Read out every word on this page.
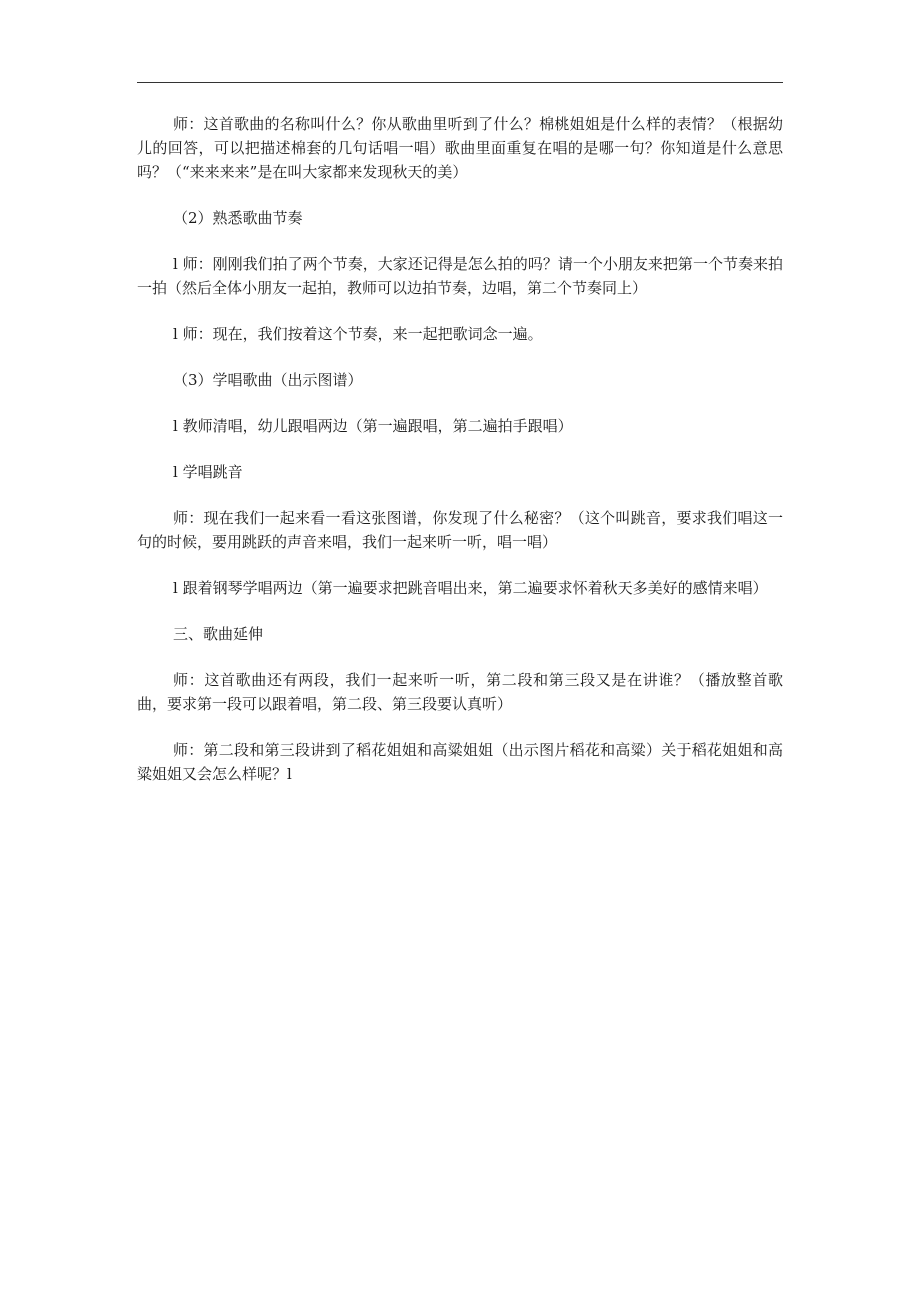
师：这首歌曲的名称叫什么？你从歌曲里听到了什么？棉桃姐姐是什么样的表情？（根据幼儿的回答，可以把描述棉套的几句话唱一唱）歌曲里面重复在唱的是哪一句？你知道是什么意思吗？（“来来来来”是在叫大家都来发现秋天的美）

（2）熟悉歌曲节奏

l 师：刚刚我们拍了两个节奏，大家还记得是怎么拍的吗？请一个小朋友来把第一个节奏来拍一拍（然后全体小朋友一起拍，教师可以边拍节奏，边唱，第二个节奏同上）

l 师：现在，我们按着这个节奏，来一起把歌词念一遍。

（3）学唱歌曲（出示图谱）

l 教师清唱，幼儿跟唱两边（第一遍跟唱，第二遍拍手跟唱）

l 学唱跳音

师：现在我们一起来看一看这张图谱，你发现了什么秘密？（这个叫跳音，要求我们唱这一句的时候，要用跳跃的声音来唱，我们一起来听一听，唱一唱）

l 跟着钢琴学唱两边（第一遍要求把跳音唱出来，第二遍要求怀着秋天多美好的感情来唱）

三、歌曲延伸

师：这首歌曲还有两段，我们一起来听一听，第二段和第三段又是在讲谁？（播放整首歌曲，要求第一段可以跟着唱，第二段、第三段要认真听）

师：第二段和第三段讲到了稻花姐姐和高粱姐姐（出示图片稻花和高粱）关于稻花姐姐和高粱姐姐又会怎么样呢？l
